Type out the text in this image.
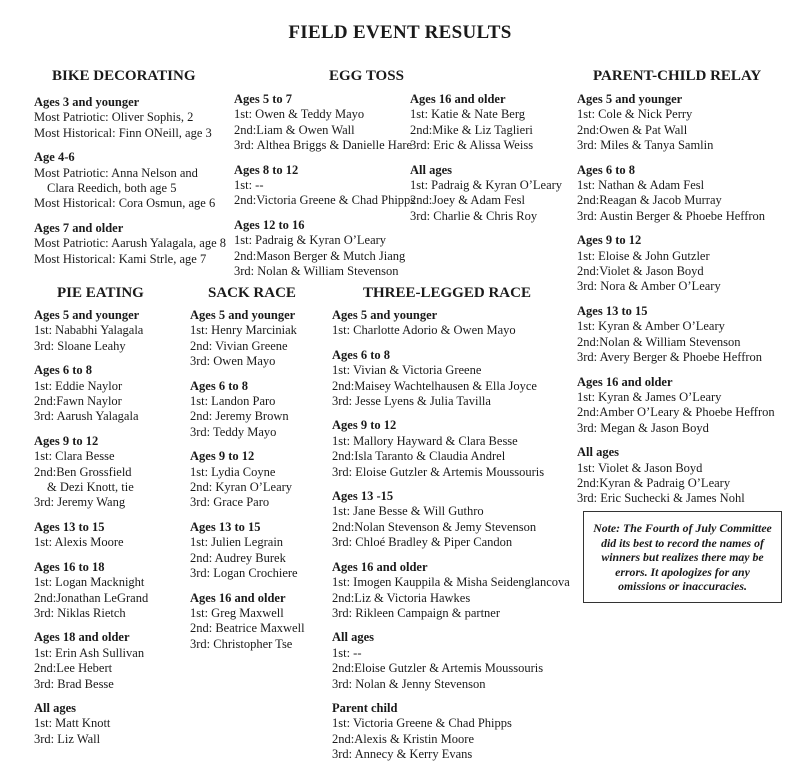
FIELD EVENT RESULTS
BIKE DECORATING	EGG TOSS	PARENT-CHILD RELAY
PIE EATING	SACK RACE	THREE-LEGGED RACE
Ages 3 and younger
Most Patriotic: Oliver Sophis, 2
Most Historical: Finn ONeill, age 3
Age 4-6
Most Patriotic: Anna Nelson and
Clara Reedich, both age 5
Most Historical: Cora Osmun, age 6
Ages 7 and older
Most Patriotic: Aarush Yalagala, age 8
Most Historical: Kami Strle, age 7
Ages 5 to 7
1st: Owen & Teddy Mayo
2nd:Liam & Owen Wall
3rd: Althea Briggs & Danielle Hare
Ages 8 to 12
1st: --
2nd:Victoria Greene & Chad Phipps
Ages 12 to 16
1st: Padraig & Kyran O’Leary
2nd:Mason Berger & Mutch Jiang
3rd: Nolan & William Stevenson
Ages 16 and older
1st: Katie & Nate Berg
2nd:Mike & Liz Taglieri
3rd: Eric & Alissa Weiss
All ages
1st: Padraig & Kyran O’Leary
2nd:Joey & Adam Fesl
3rd: Charlie & Chris Roy
Ages 5 and younger
1st: Cole & Nick Perry
2nd:Owen & Pat Wall
3rd: Miles & Tanya Samlin
Ages 6 to 8
1st: Nathan & Adam Fesl
2nd:Reagan & Jacob Murray
3rd: Austin Berger & Phoebe Heffron
Ages 9 to 12
1st: Eloise & John Gutzler
2nd:Violet & Jason Boyd
3rd: Nora & Amber O’Leary
Ages 13 to 15
1st: Kyran & Amber O’Leary
2nd:Nolan & William Stevenson
3rd: Avery Berger & Phoebe Heffron
Ages 16 and older
1st: Kyran & James O’Leary
2nd:Amber O’Leary & Phoebe Heffron
3rd: Megan & Jason Boyd
All ages
1st: Violet & Jason Boyd
2nd:Kyran & Padraig O’Leary
3rd: Eric Suchecki & James Nohl
Ages 5 and younger
1st: Nababhi Yalagala
3rd: Sloane Leahy
Ages 6 to 8
1st: Eddie Naylor
2nd:Fawn Naylor
3rd: Aarush Yalagala
Ages 9 to 12
1st: Clara Besse
2nd:Ben Grossfield
& Dezi Knott, tie
3rd: Jeremy Wang
Ages 13 to 15
1st: Alexis Moore
Ages 16 to 18
1st: Logan Macknight
2nd:Jonathan LeGrand
3rd: Niklas Rietch
Ages 18 and older
1st: Erin Ash Sullivan
2nd:Lee Hebert
3rd: Brad Besse
All ages
1st: Matt Knott
3rd: Liz Wall
Ages 5 and younger
1st: Henry Marciniak
2nd: Vivian Greene
3rd: Owen Mayo
Ages 6 to 8
1st: Landon Paro
2nd: Jeremy Brown
3rd: Teddy Mayo
Ages 9 to 12
1st: Lydia Coyne
2nd: Kyran O’Leary
3rd: Grace Paro
Ages 13 to 15
1st: Julien Legrain
2nd: Audrey Burek
3rd: Logan Crochiere
Ages 16 and older
1st: Greg Maxwell
2nd: Beatrice Maxwell
3rd: Christopher Tse
Ages 5 and younger
1st: Charlotte Adorio & Owen Mayo
Ages 6 to 8
1st: Vivian & Victoria Greene
2nd:Maisey Wachtelhausen & Ella Joyce
3rd: Jesse Lyens & Julia Tavilla
Ages 9 to 12
1st: Mallory Hayward & Clara Besse
2nd:Isla Taranto & Claudia Andrel
3rd: Eloise Gutzler & Artemis Moussouris
Ages 13 -15
1st: Jane Besse & Will Guthro
2nd:Nolan Stevenson & Jemy Stevenson
3rd: Chloé Bradley & Piper Candon
Ages 16 and older
1st: Imogen Kauppila & Misha Seidenglancova
2nd:Liz & Victoria Hawkes
3rd: Rikleen Campaign & partner
All ages
1st: --
2nd:Eloise Gutzler & Artemis Moussouris
3rd: Nolan & Jenny Stevenson
Parent child
1st: Victoria Greene & Chad Phipps
2nd:Alexis & Kristin Moore
3rd: Annecy & Kerry Evans
Note: The Fourth of July Committee did its best to record the names of winners but realizes there may be errors. It apologizes for any omissions or inaccuracies.
